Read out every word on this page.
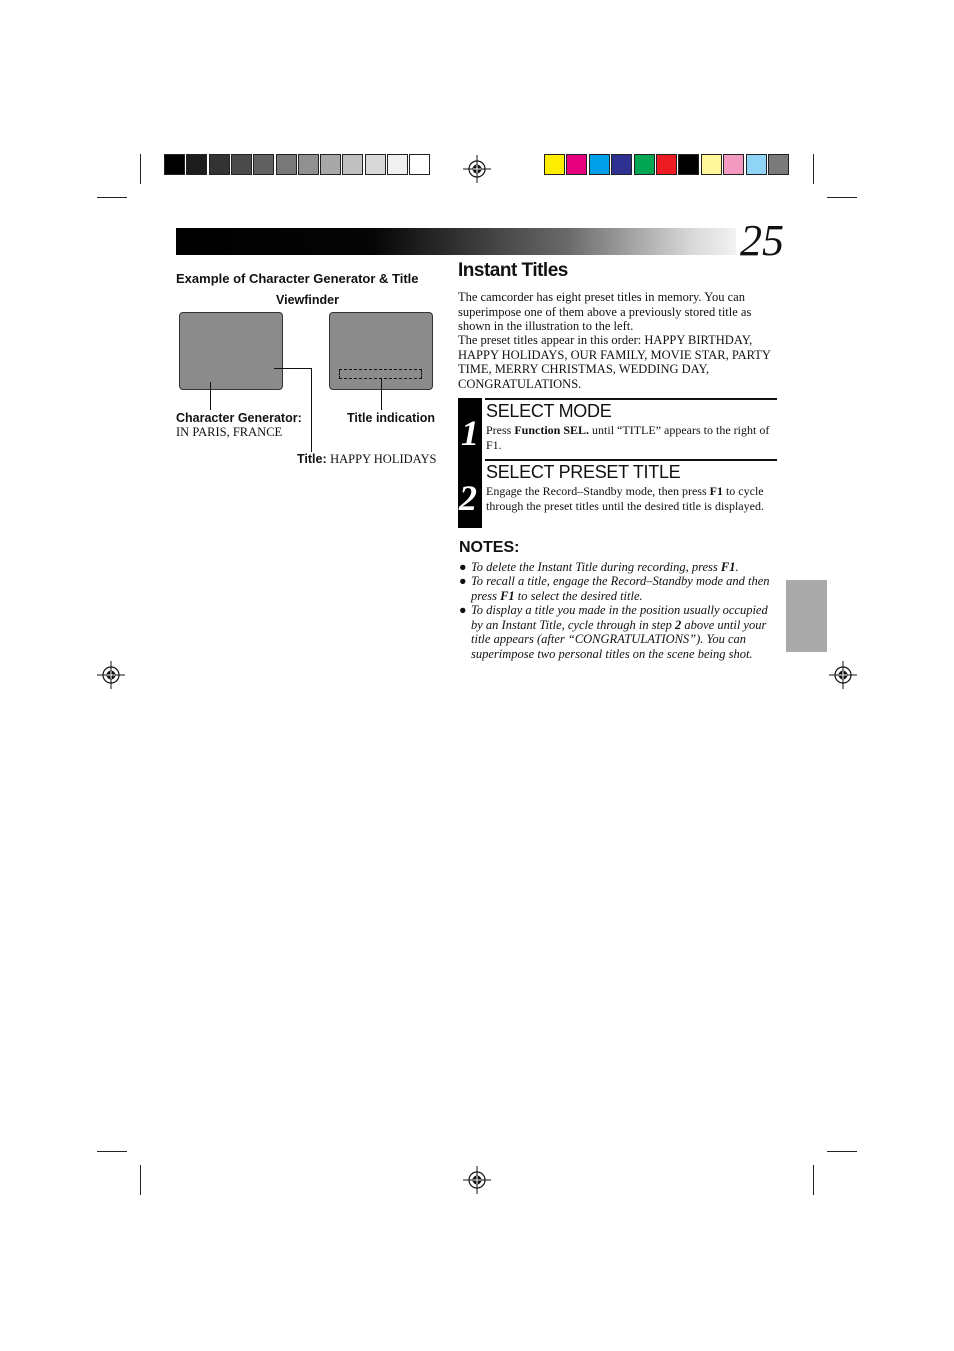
25
Example of Character Generator & Title
Viewfinder
Character Generator:
IN PARIS, FRANCE
Title indication
Title: HAPPY HOLIDAYS
Instant Titles
The camcorder has eight preset titles in memory. You can superimpose one of them above a previously stored title as shown in the illustration to the left.
The preset titles appear in this order: HAPPY BIRTHDAY, HAPPY HOLIDAYS, OUR FAMILY, MOVIE STAR, PARTY TIME, MERRY CHRISTMAS, WEDDING DAY, CONGRATULATIONS.
1
SELECT MODE
Press Function SEL. until “TITLE” appears to the right of F1.
2
SELECT PRESET TITLE
Engage the Record–Standby mode, then press F1 to cycle through the preset titles until the desired title is displayed.
NOTES:
● To delete the Instant Title during recording, press F1.
● To recall a title, engage the Record–Standby mode and then press F1 to select the desired title.
● To display a title you made in the position usually occupied by an Instant Title, cycle through in step 2 above until your title appears (after “CONGRATULATIONS”). You can superimpose two personal titles on the scene being shot.
